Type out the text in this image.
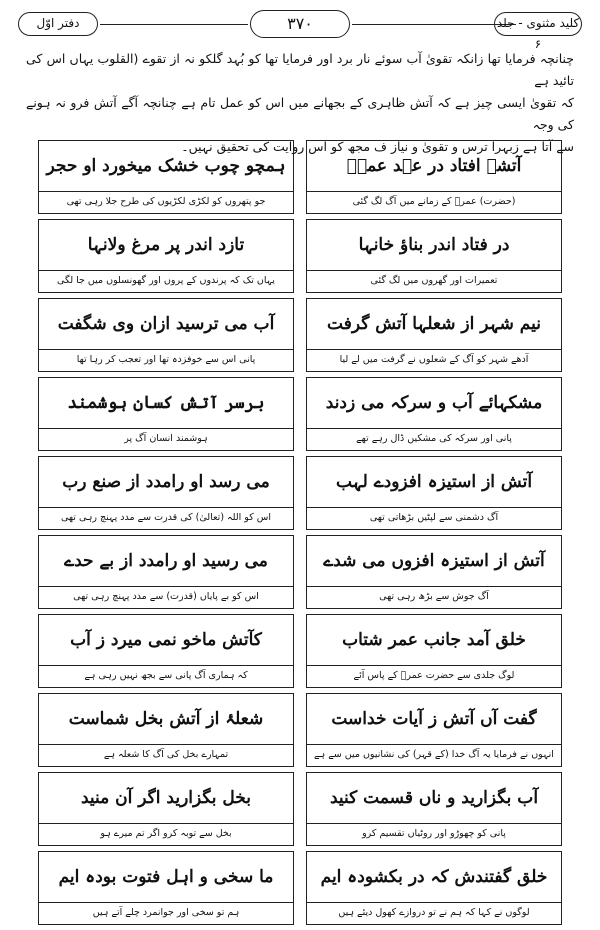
کلید مثنوی - جلد ۶
۳۷۰
دفتر اوّل

چنانچہ فرمایا تھا زانکہ تقویٰ آب سوئے نار برد اور فرمایا تھا کو بُہد گلکو نہ از تقوے (القلوب یہاں اس کی تائید ہے

کہ تقویٰ ایسی چیز ہے کہ آتش ظاہری کے بجھانے میں اس کو عمل تام ہے چنانچہ آگے آتش فرو نہ ہونے کی وجہ

سے آتا ہے زبہرا ترس و تقویٰ و نیاز ف مجھ کو اس روایت کی تحقیق نہیں۔

آتشے افتاد در عہد عمرؓ
(حضرت) عمرؓ کے زمانے میں آگ لگ گئی
ہمچو چوب خشک میخورد او حجر
جو پتھروں کو لکڑی لکڑیوں کی طرح جلا رہی تھی
در فتاد اندر بناؤ خانہا
تعمیرات اور گھروں میں لگ گئی
تازد اندر پر مرغ ولانہا
یہاں تک کہ پرندوں کے پروں اور گھونسلوں میں جا لگی
نیم شہر از شعلہا آتش گرفت
آدھے شہر کو آگ کے شعلوں نے گرفت میں لے لیا
آب می ترسید ازان وی شگفت
پانی اس سے خوفزدہ تھا اور تعجب کر رہا تھا
مشکہائے آب و سرکہ می زدند
پانی اور سرکہ کی مشکیں ڈال رہے تھے
برسر آتش کسان ہوشمند
ہوشمند انسان آگ پر
آتش از استیزہ افزودے لہب
آگ دشمنی سے لپٹیں بڑھاتی تھی
می رسد او رامدد از صنع رب
اس کو اللہ (تعالیٰ) کی قدرت سے مدد پہنچ رہی تھی
آتش از استیزہ افزوں می شدے
آگ جوش سے بڑھ رہی تھی
می رسید او رامدد از بے حدے
اس کو بے پایاں (قدرت) سے مدد پہنچ رہی تھی
خلق آمد جانب عمر شتاب
لوگ جلدی سے حضرت عمرؓ کے پاس آئے
کآتش ماخو نمی میرد ز آب
کہ ہماری آگ پانی سے بجھ نہیں رہی ہے
گفت آں آتش ز آیات خداست
انہوں نے فرمایا یہ آگ خدا (کے قہر) کی نشانیوں میں سے ہے
شعلۂ از آتش بخل شماست
تمہارے بخل کی آگ کا شعلہ ہے
آب بگزارید و ناں قسمت کنید
پانی کو چھوڑو اور روٹیاں تقسیم کرو
بخل بگزارید اگر آن منید
بخل سے توبہ کرو اگر تم میرے ہو
خلق گفتندش کہ در بکشودہ ایم
لوگوں نے کہا کہ ہم نے تو دروازے کھول دیئے ہیں
ما سخی و اہل فتوت بودہ ایم
ہم تو سخی اور جوانمرد چلے آتے ہیں
